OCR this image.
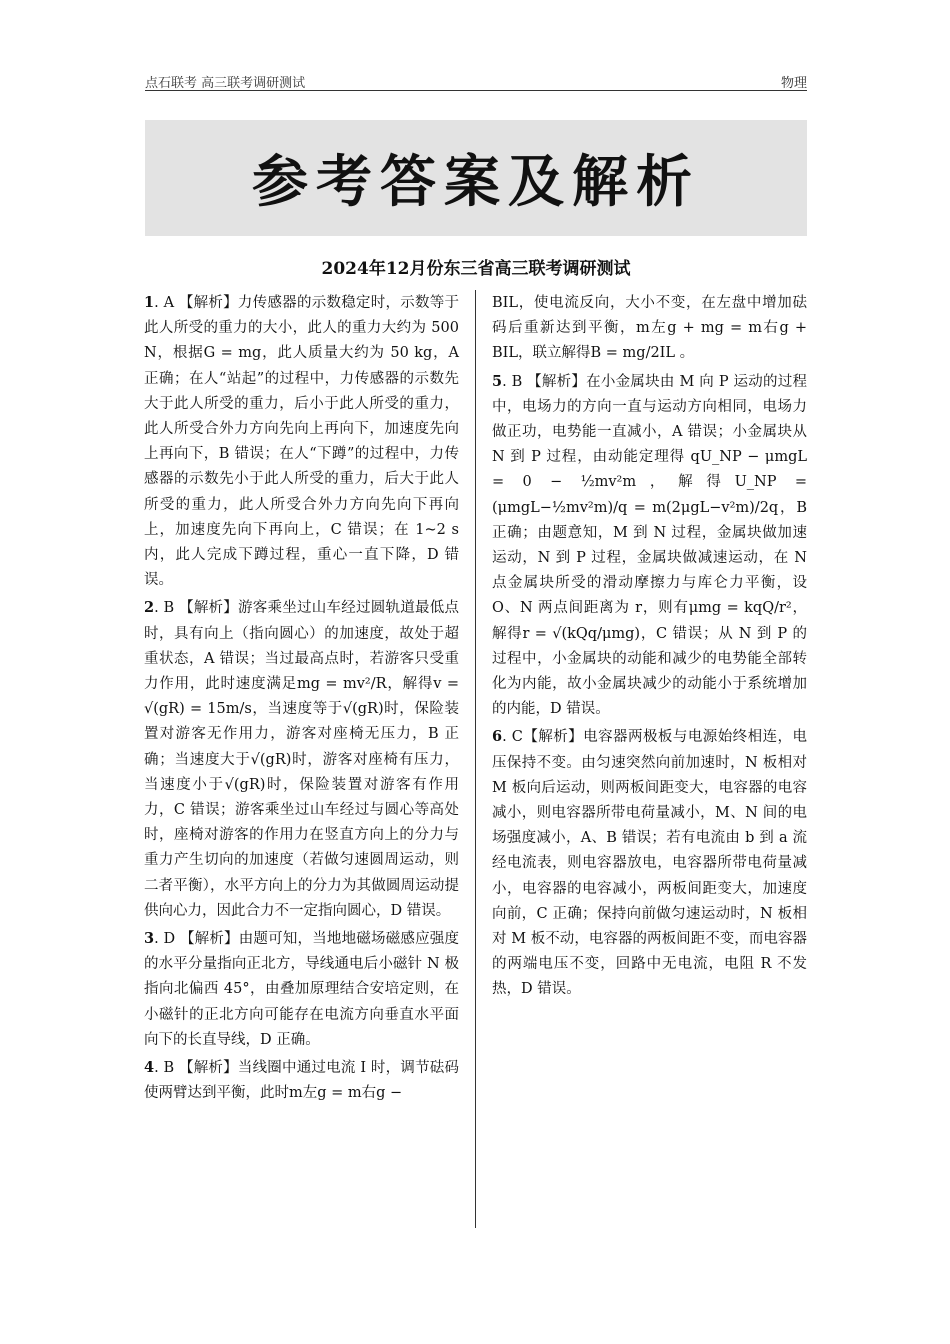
点石联考 高三联考调研测试	物理
参考答案及解析
2024年12月份东三省高三联考调研测试

1. A 【解析】力传感器的示数稳定时，示数等于此人所受的重力的大小，此人的重力大约为 500 N，根据G = mg，此人质量大约为 50 kg，A 正确；在人“站起”的过程中，力传感器的示数先大于此人所受的重力，后小于此人所受的重力，此人所受合外力方向先向上再向下，加速度先向上再向下，B 错误；在人“下蹲”的过程中，力传感器的示数先小于此人所受的重力，后大于此人所受的重力，此人所受合外力方向先向下再向上，加速度先向下再向上，C 错误；在 1~2 s 内，此人完成下蹲过程，重心一直下降，D 错误。

2. B 【解析】游客乘坐过山车经过圆轨道最低点时，具有向上（指向圆心）的加速度，故处于超重状态，A 错误；当过最高点时，若游客只受重力作用，此时速度满足mg = mv²/R，解得v = √(gR) = 15m/s，当速度等于√(gR)时，保险装置对游客无作用力，游客对座椅无压力，B 正确；当速度大于√(gR)时，游客对座椅有压力，当速度小于√(gR)时，保险装置对游客有作用力，C 错误；游客乘坐过山车经过与圆心等高处时，座椅对游客的作用力在竖直方向上的分力与重力产生切向的加速度（若做匀速圆周运动，则二者平衡），水平方向上的分力为其做圆周运动提供向心力，因此合力不一定指向圆心，D 错误。

3. D 【解析】由题可知，当地地磁场磁感应强度的水平分量指向正北方，导线通电后小磁针 N 极指向北偏西 45°，由叠加原理结合安培定则，在小磁针的正北方向可能存在电流方向垂直水平面向下的长直导线，D 正确。

4. B 【解析】当线圈中通过电流 I 时，调节砝码使两臂达到平衡，此时m左g = m右g −

BIL，使电流反向，大小不变，在左盘中增加砝码后重新达到平衡，m左g + mg = m右g + BIL，联立解得B = mg/2IL 。

5. B 【解析】在小金属块由 M 向 P 运动的过程中，电场力的方向一直与运动方向相同，电场力做正功，电势能一直减小，A 错误；小金属块从 N 到 P 过程，由动能定理得 qU_NP − μmgL = 0 − ½mv²m，解得U_NP = (μmgL−½mv²m)/q = m(2μgL−v²m)/2q，B 正确；由题意知，M 到 N 过程，金属块做加速运动，N 到 P 过程，金属块做减速运动，在 N 点金属块所受的滑动摩擦力与库仑力平衡，设 O、N 两点间距离为 r，则有μmg = kqQ/r²，解得r = √(kQq/μmg)，C 错误；从 N 到 P 的过程中，小金属块的动能和减少的电势能全部转化为内能，故小金属块减少的动能小于系统增加的内能，D 错误。

6. C【解析】电容器两极板与电源始终相连，电压保持不变。由匀速突然向前加速时，N 板相对 M 板向后运动，则两板间距变大，电容器的电容减小，则电容器所带电荷量减小，M、N 间的电场强度减小，A、B 错误；若有电流由 b 到 a 流经电流表，则电容器放电，电容器所带电荷量减小，电容器的电容减小，两板间距变大，加速度向前，C 正确；保持向前做匀速运动时，N 板相对 M 板不动，电容器的两板间距不变，而电容器的两端电压不变，回路中无电流，电阻 R 不发热，D 错误。
